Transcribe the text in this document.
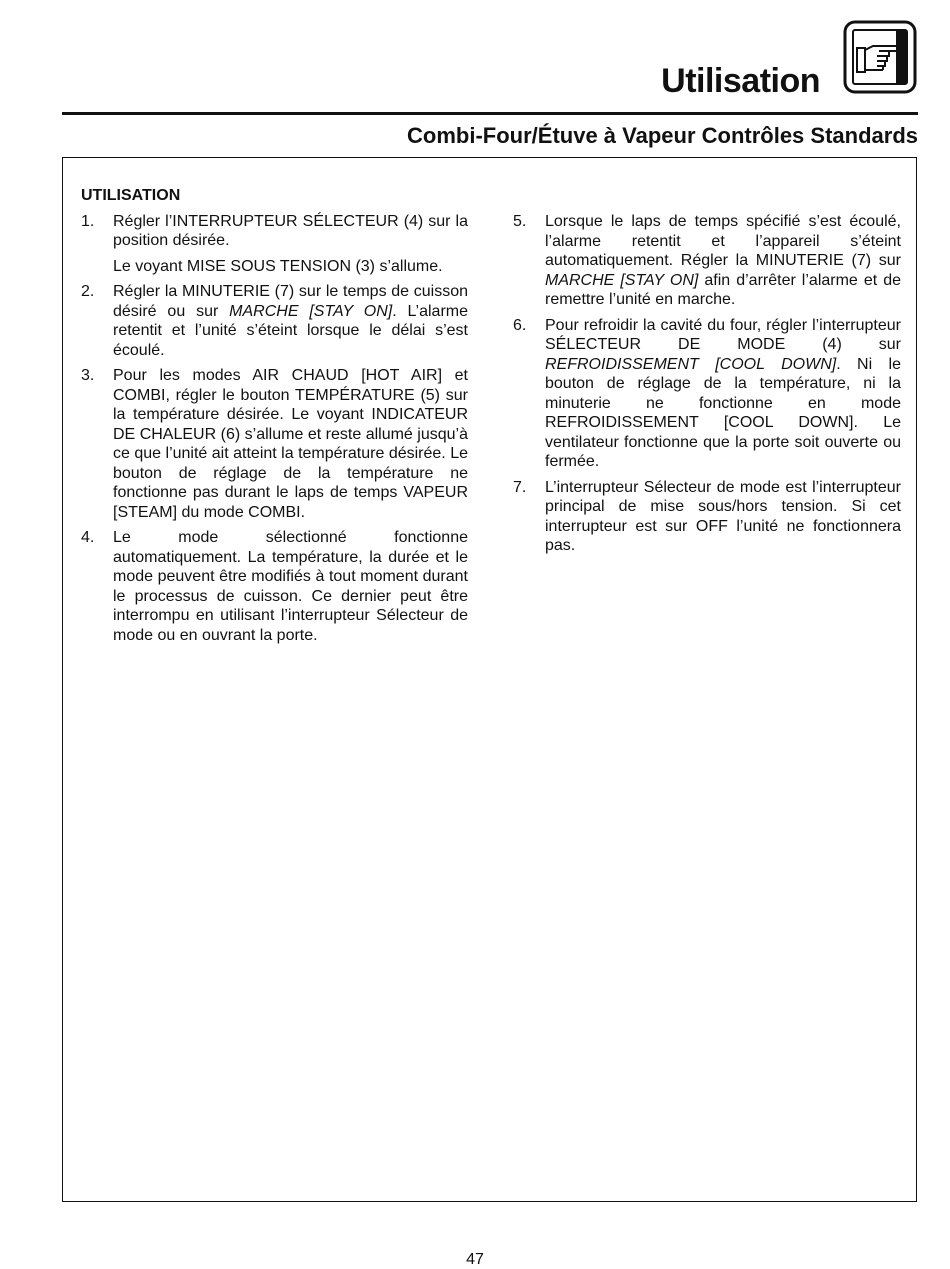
Utilisation
Combi-Four/Étuve à Vapeur Contrôles Standards
UTILISATION
1.	Régler l’INTERRUPTEUR SÉLECTEUR (4) sur la position désirée.
Le voyant MISE SOUS TENSION (3) s’allume.
2.	Régler la MINUTERIE (7) sur le temps de cuisson désiré ou sur MARCHE [STAY ON]. L’alarme retentit et l’unité s’éteint lorsque le délai s’est écoulé.
3.	Pour les modes AIR CHAUD [HOT AIR] et COMBI, régler le bouton TEMPÉRATURE (5) sur la température désirée. Le voyant INDICATEUR DE CHALEUR (6) s’allume et reste allumé jusqu’à ce que l’unité ait atteint la température désirée. Le bouton de réglage de la température ne fonctionne pas durant le laps de temps VAPEUR [STEAM] du mode COMBI.
4.	Le mode sélectionné fonctionne automatiquement. La température, la durée et le mode peuvent être modifiés à tout moment durant le processus de cuisson. Ce dernier peut être interrompu en utilisant l’interrupteur Sélecteur de mode ou en ouvrant la porte.
5.	Lorsque le laps de temps spécifié s’est écoulé, l’alarme retentit et l’appareil s’éteint automatiquement. Régler la MINUTERIE (7) sur MARCHE [STAY ON] afin d’arrêter l’alarme et de remettre l’unité en marche.
6.	Pour refroidir la cavité du four, régler l’interrupteur SÉLECTEUR DE MODE (4) sur REFROIDISSEMENT [COOL DOWN]. Ni le bouton de réglage de la température, ni la minuterie ne fonctionne en mode REFROIDISSEMENT [COOL DOWN]. Le ventilateur fonctionne que la porte soit ouverte ou fermée.
7.	L’interrupteur Sélecteur de mode est l’interrupteur principal de mise sous/hors tension. Si cet interrupteur est sur OFF l’unité ne fonctionnera pas.
47
